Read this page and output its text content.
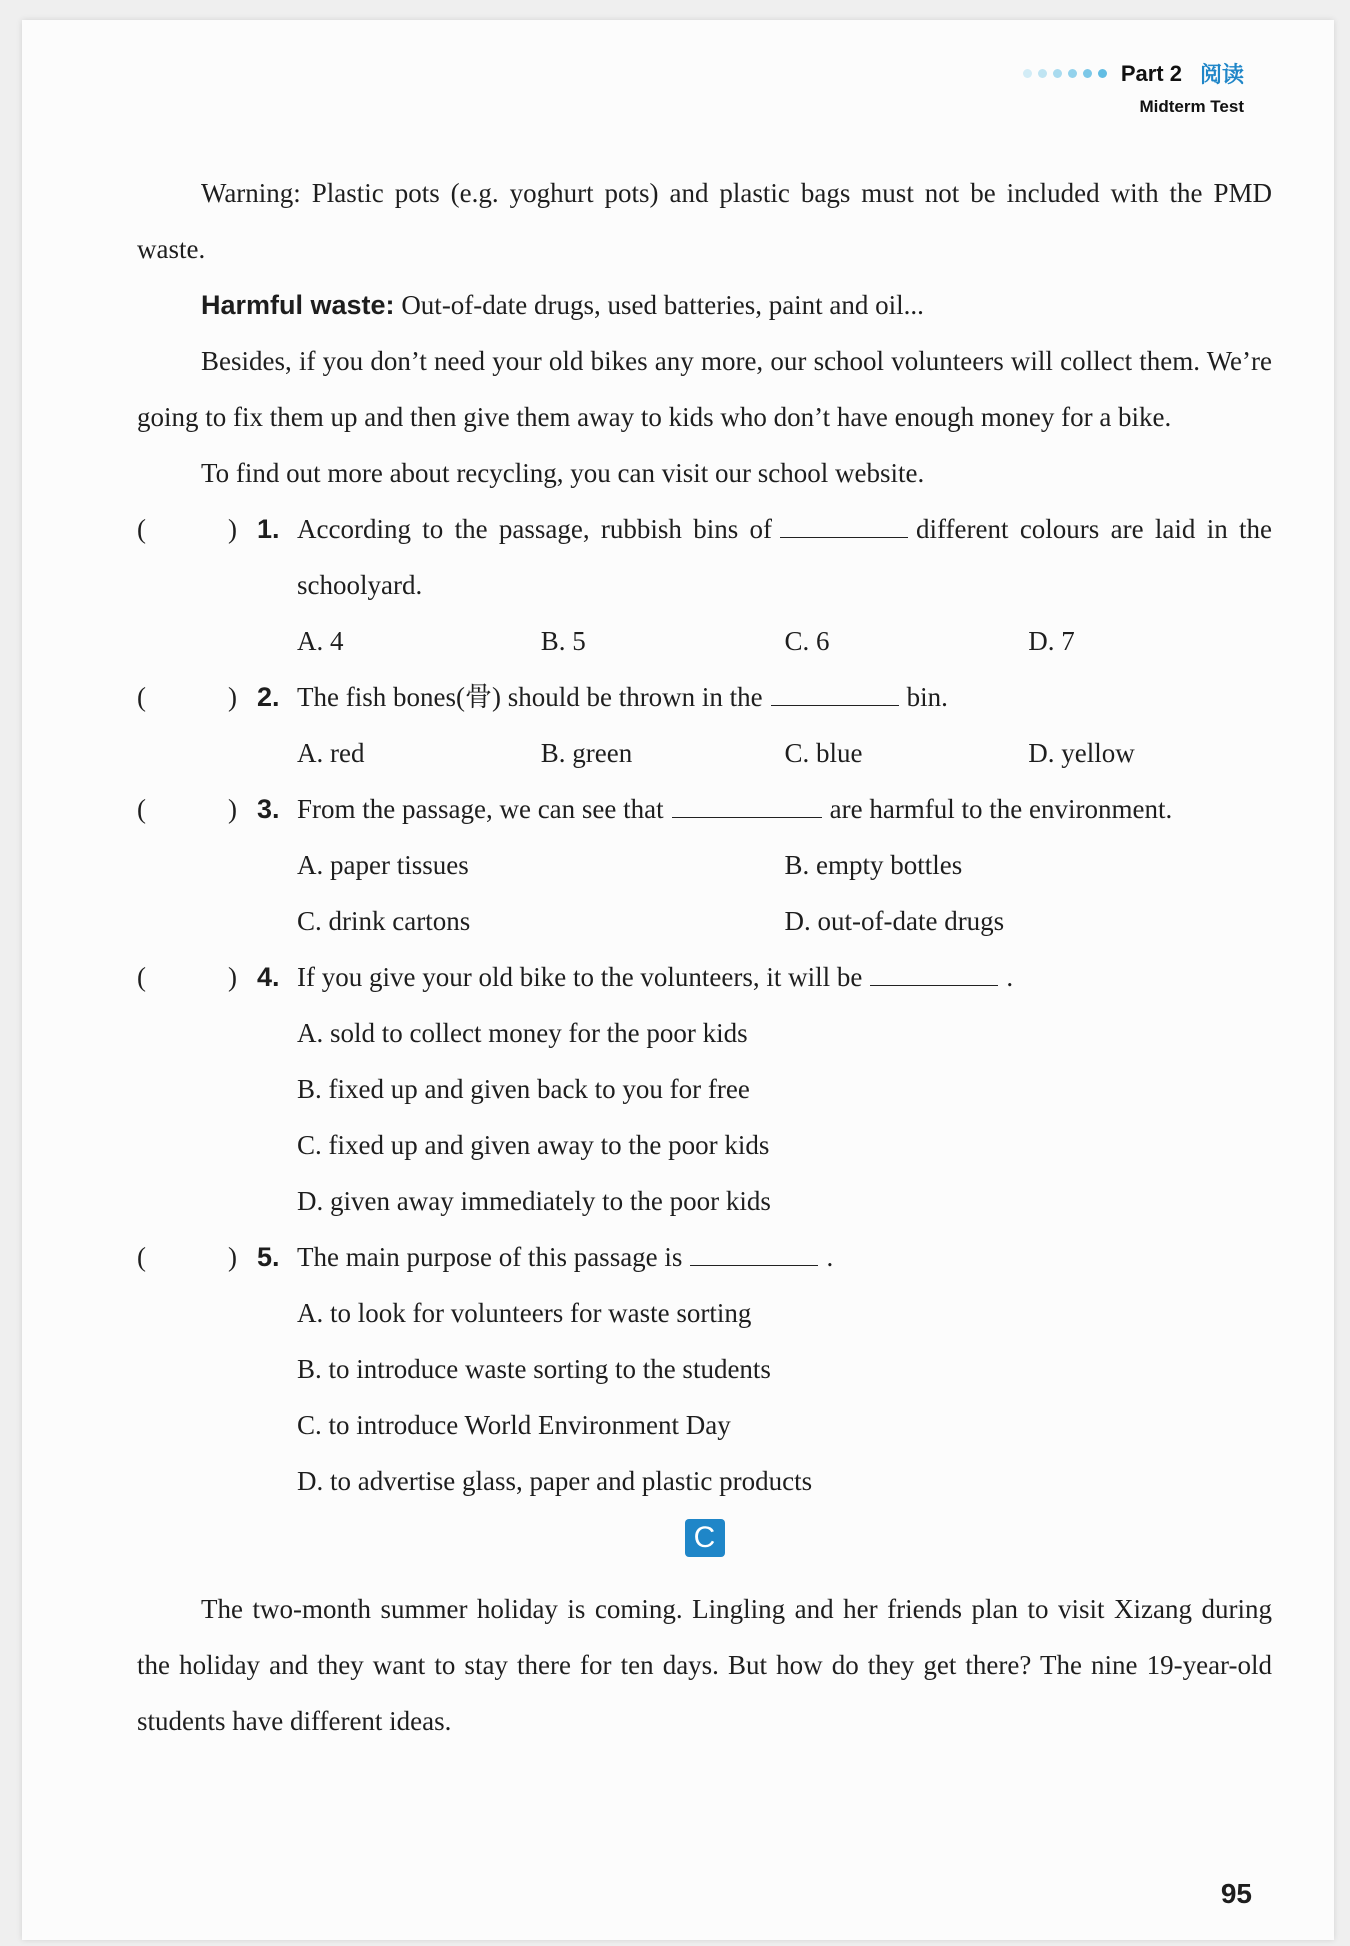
Part 2 阅读
Midterm Test

Warning: Plastic pots (e.g. yoghurt pots) and plastic bags must not be included with the PMD waste.

Harmful waste: Out-of-date drugs, used batteries, paint and oil...

Besides, if you don’t need your old bikes any more, our school volunteers will collect them. We’re going to fix them up and then give them away to kids who don’t have enough money for a bike.

To find out more about recycling, you can visit our school website.

(	) 1. According to the passage, rubbish bins of	different colours are laid in the schoolyard.
A. 4	B. 5	C. 6	D. 7
(	) 2. The fish bones(骨) should be thrown in the	bin.
A. red	B. green	C. blue	D. yellow
(	) 3. From the passage, we can see that	are harmful to the environment.
A. paper tissues	B. empty bottles
C. drink cartons	D. out-of-date drugs
(	) 4. If you give your old bike to the volunteers, it will be	.
A. sold to collect money for the poor kids
B. fixed up and given back to you for free
C. fixed up and given away to the poor kids
D. given away immediately to the poor kids
(	) 5. The main purpose of this passage is	.
A. to look for volunteers for waste sorting
B. to introduce waste sorting to the students
C. to introduce World Environment Day
D. to advertise glass, paper and plastic products
C

The two-month summer holiday is coming. Lingling and her friends plan to visit Xizang during the holiday and they want to stay there for ten days. But how do they get there? The nine 19-year-old students have different ideas.

95
